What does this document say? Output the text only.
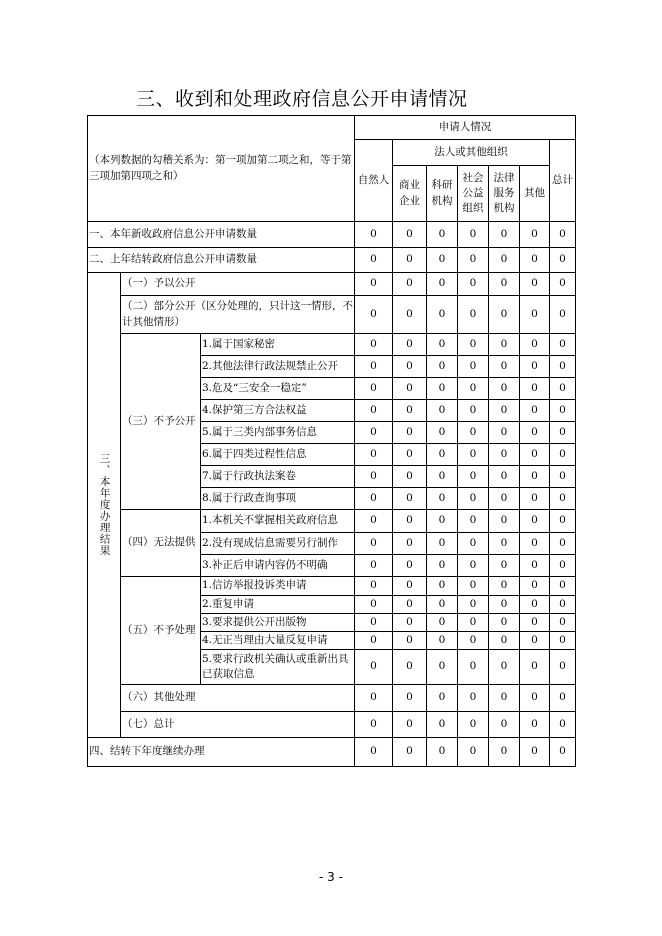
三、收到和处理政府信息公开申请情况
（本列数据的勾稽关系为：第一项加第二项之和，等于第三项加第四项之和）			申请人情况						
			自然人	法人或其他组织					总计

				商业企业	科研机构	社会公益组织	法律服务机构	其他	
一、本年新收政府信息公开申请数量			0	0	0	0	0	0	0
二、上年结转政府信息公开申请数量			0	0	0	0	0	0	0

三、本年度办理结果	（一）予以公开		0	0	0	0	0	0	0
	（二）部分公开（区分处理的，只计这一情形，不计其他情形）		0	0	0	0	0	0	0
	（三）不予公开	1.属于国家秘密	0	0	0	0	0	0	0
		2.其他法律行政法规禁止公开	0	0	0	0	0	0	0
		3.危及“三安全一稳定”	0	0	0	0	0	0	0
		4.保护第三方合法权益	0	0	0	0	0	0	0
		5.属于三类内部事务信息	0	0	0	0	0	0	0
		6.属于四类过程性信息	0	0	0	0	0	0	0
		7.属于行政执法案卷	0	0	0	0	0	0	0
		8.属于行政查询事项	0	0	0	0	0	0	0
	（四）无法提供	1.本机关不掌握相关政府信息	0	0	0	0	0	0	0
		2.没有现成信息需要另行制作	0	0	0	0	0	0	0
		3.补正后申请内容仍不明确	0	0	0	0	0	0	0
	（五）不予处理	1.信访举报投诉类申请	0	0	0	0	0	0	0
		2.重复申请	0	0	0	0	0	0	0
		3.要求提供公开出版物	0	0	0	0	0	0	0
		4.无正当理由大量反复申请	0	0	0	0	0	0	0
		5.要求行政机关确认或重新出具已获取信息	0	0	0	0	0	0	0
	（六）其他处理		0	0	0	0	0	0	0
	（七）总计		0	0	0	0	0	0	0
四、结转下年度继续办理			0	0	0	0	0	0	0
- 3 -
